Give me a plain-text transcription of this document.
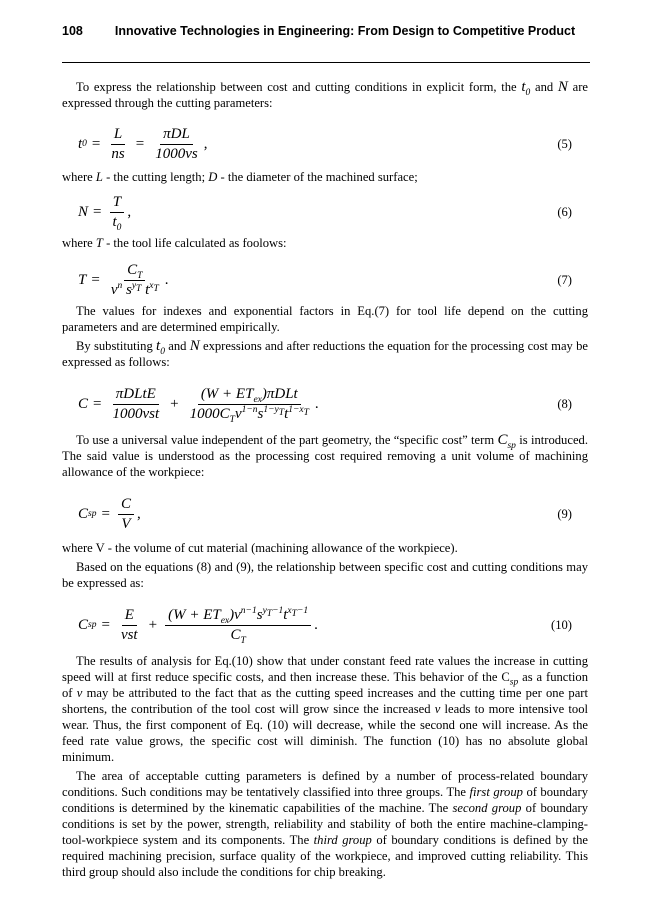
108	Innovative Technologies in Engineering: From Design to Competitive Product

To express the relationship between cost and cutting conditions in explicit form, the $t_0$ and N are expressed through the cutting parameters:

t $0 = \frac{L}{ns} = \frac{\text{πDL}}{1000vs}$ ,	(5)

where L - the cutting length; D - the diameter of the machined surface;

$N = \frac{T}{t_0}$ ,	(6)

where T - the tool life calculated as foolows:

$T = \frac{C_T}{v^n s^{y_T} t^{x_T}}$ .	(7)

The values for indexes and exponential factors in Eq.(7) for tool life depend on the cutting parameters and are determined empirically.

By substituting $t_0$ and N expressions and after reductions the equation for the processing cost may be expressed as follows:

$C = \frac{\text{πDLtE}}{\text{1000vst}} + \frac{(W + ET_{ex})\pi DLt}{1000C_Tv^{1-n}s^{1-y_T}t^{1-x_T}}$ .	(8)

To use a universal value independent of the part geometry, the “specific cost” term $C_{sp}$ is introduced. The said value is understood as the processing cost required removing a unit volume of machining allowance of the workpiece:

C sp = $\frac{C}{V}$ ,	(9)

where V - the volume of cut material (machining allowance of the workpiece).

Based on the equations (8) and (9), the relationship between specific cost and cutting conditions may be expressed as:

C sp = $\frac{E}{\text{vst}} + \frac{(W + ET_{ex})v^{n-1}s^{y_T-1}t^{x_T-1}}{C_T}$ .	(10)

The results of analysis for Eq.(10) show that under constant feed rate values the increase in cutting speed will at first reduce specific costs, and then increase these. This behavior of the $C_{sp}$ as a function of v may be attributed to the fact that as the cutting speed increases and the cutting time per one part shortens, the contribution of the tool cost will grow since the increased v leads to more intensive tool wear. Thus, the first component of Eq. (10) will decrease, while the second one will increase. As the feed rate value grows, the specific cost will diminish. The function (10) has no absolute global minimum.

The area of acceptable cutting parameters is defined by a number of process-related boundary conditions. Such conditions may be tentatively classified into three groups. The first group of boundary conditions is determined by the kinematic capabilities of the machine. The second group of boundary conditions is set by the power, strength, reliability and stability of both the entire machine-clamping-tool-workpiece system and its components. The third group of boundary conditions is defined by the required machining precision, surface quality of the workpiece, and improved cutting reliability. This third group should also include the conditions for chip breaking.
